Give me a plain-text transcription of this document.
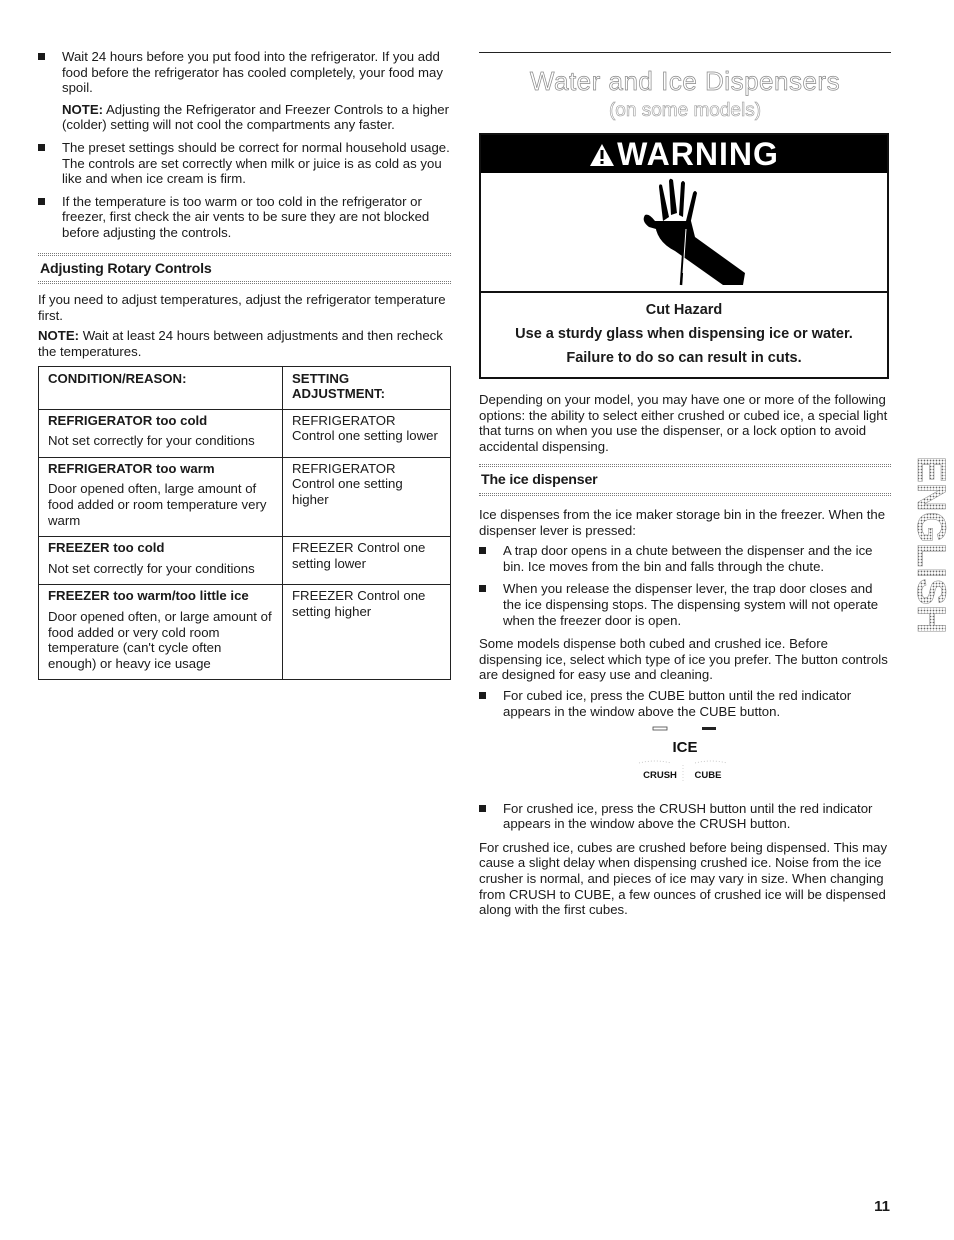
Wait 24 hours before you put food into the refrigerator. If you add food before the refrigerator has cooled completely, your food may spoil.
NOTE: Adjusting the Refrigerator and Freezer Controls to a higher (colder) setting will not cool the compartments any faster.
The preset settings should be correct for normal household usage. The controls are set correctly when milk or juice is as cold as you like and when ice cream is firm.
If the temperature is too warm or too cold in the refrigerator or freezer, first check the air vents to be sure they are not blocked before adjusting the controls.
Adjusting Rotary Controls

If you need to adjust temperatures, adjust the refrigerator temperature first.

NOTE: Wait at least 24 hours between adjustments and then recheck the temperatures.

CONDITION/REASON:	SETTING ADJUSTMENT:

REFRIGERATOR too cold
Not set correctly for your conditions	REFRIGERATOR Control one setting lower

REFRIGERATOR too warm
Door opened often, large amount of food added or room temperature very warm	REFRIGERATOR Control one setting higher

FREEZER too cold
Not set correctly for your conditions	FREEZER Control one setting lower

FREEZER too warm/too little ice
Door opened often, or large amount of food added or very cold room temperature (can't cycle often enough) or heavy ice usage	FREEZER Control one setting higher
Water and Ice Dispensers
(on some models)
WARNING
Cut Hazard
Use a sturdy glass when dispensing ice or water.
Failure to do so can result in cuts.

Depending on your model, you may have one or more of the following options: the ability to select either crushed or cubed ice, a special light that turns on when you use the dispenser, or a lock option to avoid accidental dispensing.

The ice dispenser

Ice dispenses from the ice maker storage bin in the freezer. When the dispenser lever is pressed:

A trap door opens in a chute between the dispenser and the ice bin. Ice moves from the bin and falls through the chute.
When you release the dispenser lever, the trap door closes and the ice dispensing stops. The dispensing system will not operate when the freezer door is open.

Some models dispense both cubed and crushed ice. Before dispensing ice, select which type of ice you prefer. The button controls are designed for easy use and cleaning.

For cubed ice, press the CUBE button until the red indicator appears in the window above the CUBE button.
ICE
CRUSH CUBE
For crushed ice, press the CRUSH button until the red indicator appears in the window above the CRUSH button.

For crushed ice, cubes are crushed before being dispensed. This may cause a slight delay when dispensing crushed ice. Noise from the ice crusher is normal, and pieces of ice may vary in size. When changing from CRUSH to CUBE, a few ounces of crushed ice will be dispensed along with the first cubes.

ENGLISH
11
